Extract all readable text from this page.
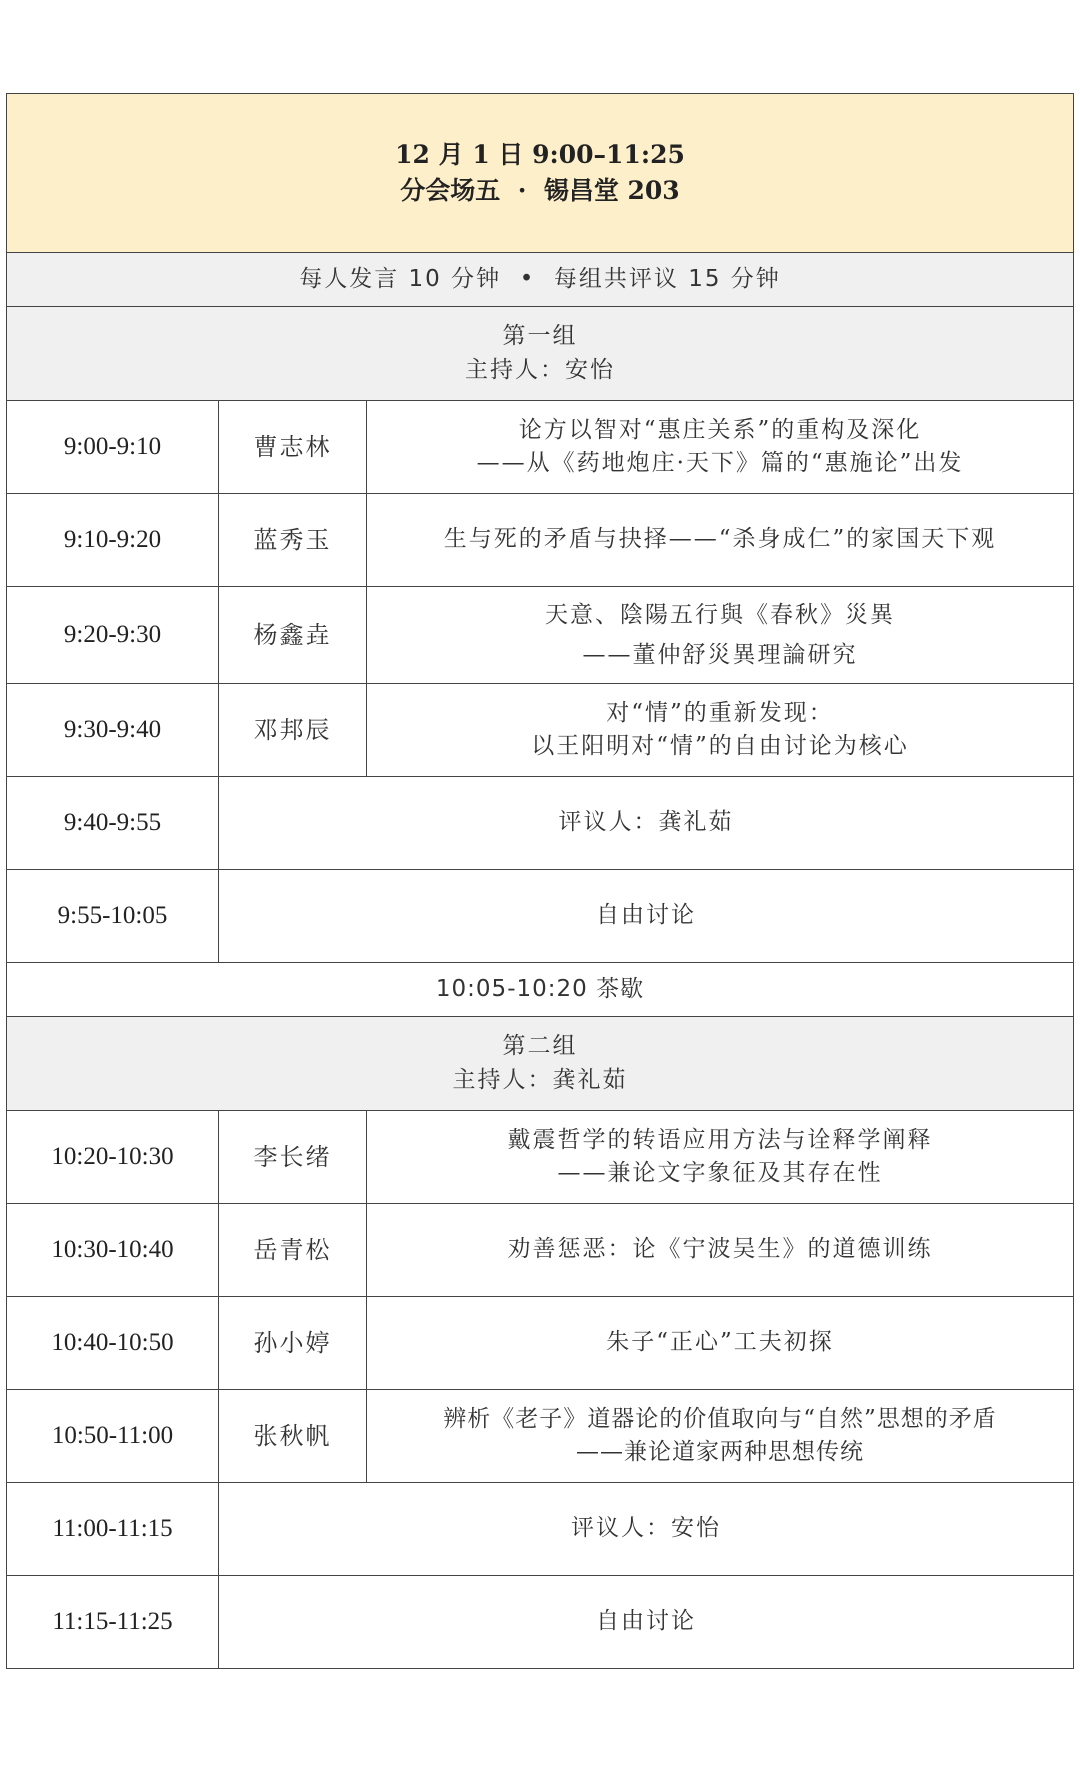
12 月 1 日 9:00–11:25
分会场五  ·  锡昌堂 203		

每人发言 10 分钟  •  每组共评议 15 分钟		

第一组
主持人：安怡		

9:00-9:10	曹志林	论方以智对“惠庄关系”的重构及深化
——从《药地炮庄·天下》篇的“惠施论”出发

9:10-9:20	蓝秀玉	生与死的矛盾与抉择——“杀身成仁”的家国天下观

9:20-9:30	杨鑫垚	天意、陰陽五行與《春秋》災異
——董仲舒災異理論研究

9:30-9:40	邓邦辰	对“情”的重新发现：
以王阳明对“情”的自由讨论为核心

9:40-9:55	评议人：龚礼茹	
9:55-10:05	自由讨论	
10:05-10:20 茶歇		

第二组
主持人：龚礼茹		

10:20-10:30	李长绪	戴震哲学的转语应用方法与诠释学阐释
——兼论文字象征及其存在性

10:30-10:40	岳青松	劝善惩恶：论《宁波吴生》的道德训练

10:40-10:50	孙小婷	朱子“正心”工夫初探

10:50-11:00	张秋帆	辨析《老子》道器论的价值取向与“自然”思想的矛盾
——兼论道家两种思想传统

11:00-11:15	评议人：安怡	
11:15-11:25	自由讨论	
